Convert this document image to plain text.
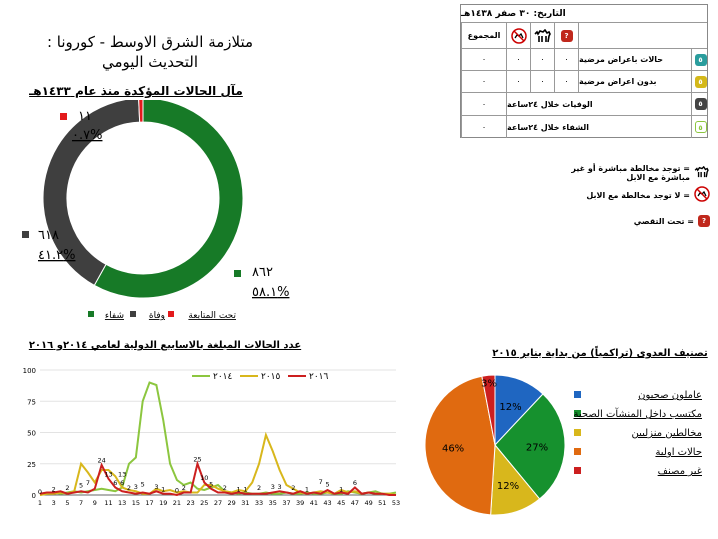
متلازمة الشرق الاوسط - كورونا :
التحديث اليومي
التاريخ: ٣٠ صفر ١٤٣٨هـ
المجموع	?
٠	٠	٠	٠	حالات باعراض مرضية	٥
٠	٠	٠	٠	بدون اعراض مرضية	٥
٠	الوفيات خلال ٢٤ساعة	٥
٠	الشفاء خلال ٢٤ساعة	٥
= توجد مخالطة مباشرة أو غير مباشرة مع الابل
= لا توجد مخالطة مع الابل
= تحت التقصي	?
مآل الحالات المؤكدة منذ عام ١٤٣٣هـ
٨٦٢
٥٨.١%
٦١٨
٤١.٢%
١١
٠.٧%
تحت المتابعة
وفاة
شفاء
عدد الحالات المبلغة بالاسابيع الدولية لعامي ٢٠١٤و ٢٠١٦
0
25
50
75
100
1 3 5 7 9 11 13 15 17 19 21 23 25 27 29 31 33 35 37 39 41 43 45 47 49 51 53
0 2 2 5 7
24
13 13
6 6
2 3 5 3 1 0 2
25
10
5 2 1 1 2 3 3 2 1
7 5
1
6
٢٠١٤	٢٠١٥	٢٠١٦
تصنيف العدوى (تراكمياً) من بداية يناير ٢٠١٥
12%
27%
12%
46%
3%
عاملون صحيون
مكتسب داخل المنشآت الصحية
مخالطين منزليين
حالات اولية
غير مصنف
